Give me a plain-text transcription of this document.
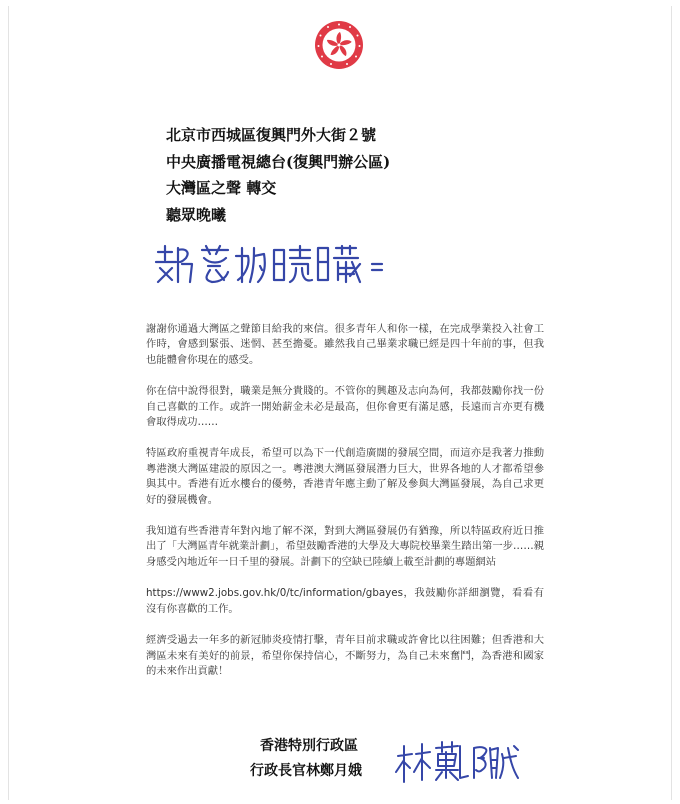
北京市西城區復興門外大街２號
中央廣播電視總台(復興門辦公區)
大灣區之聲 轉交
聽眾晚曦

謝謝你通過大灣區之聲節目給我的來信。很多青年人和你一樣，在完成學業投入社會工作時，會感到緊張、迷惘、甚至擔憂。雖然我自己畢業求職已經是四十年前的事，但我也能體會你現在的感受。

你在信中說得很對，職業是無分貴賤的。不管你的興趣及志向為何，我都鼓勵你找一份自己喜歡的工作。或許一開始薪金未必是最高，但你會更有滿足感，長遠而言亦更有機會取得成功……

特區政府重視青年成長，希望可以為下一代創造廣闊的發展空間，而這亦是我著力推動粵港澳大灣區建設的原因之一。粵港澳大灣區發展潛力巨大，世界各地的人才都希望參與其中。香港有近水樓台的優勢，香港青年應主動了解及參與大灣區發展，為自己求更好的發展機會。

我知道有些香港青年對內地了解不深，對到大灣區發展仍有猶豫，所以特區政府近日推出了「大灣區青年就業計劃」，希望鼓勵香港的大學及大專院校畢業生踏出第一步……親身感受內地近年一日千里的發展。計劃下的空缺已陸續上載至計劃的專題網站

https://www2.jobs.gov.hk/0/tc/information/gbayes，我鼓勵你詳細瀏覽，看看有沒有你喜歡的工作。

經濟受過去一年多的新冠肺炎疫情打擊，青年目前求職或許會比以往困難；但香港和大灣區未來有美好的前景，希望你保持信心，不斷努力，為自己未來奮鬥，為香港和國家的未來作出貢獻！

香港特別行政區
行政長官林鄭月娥
